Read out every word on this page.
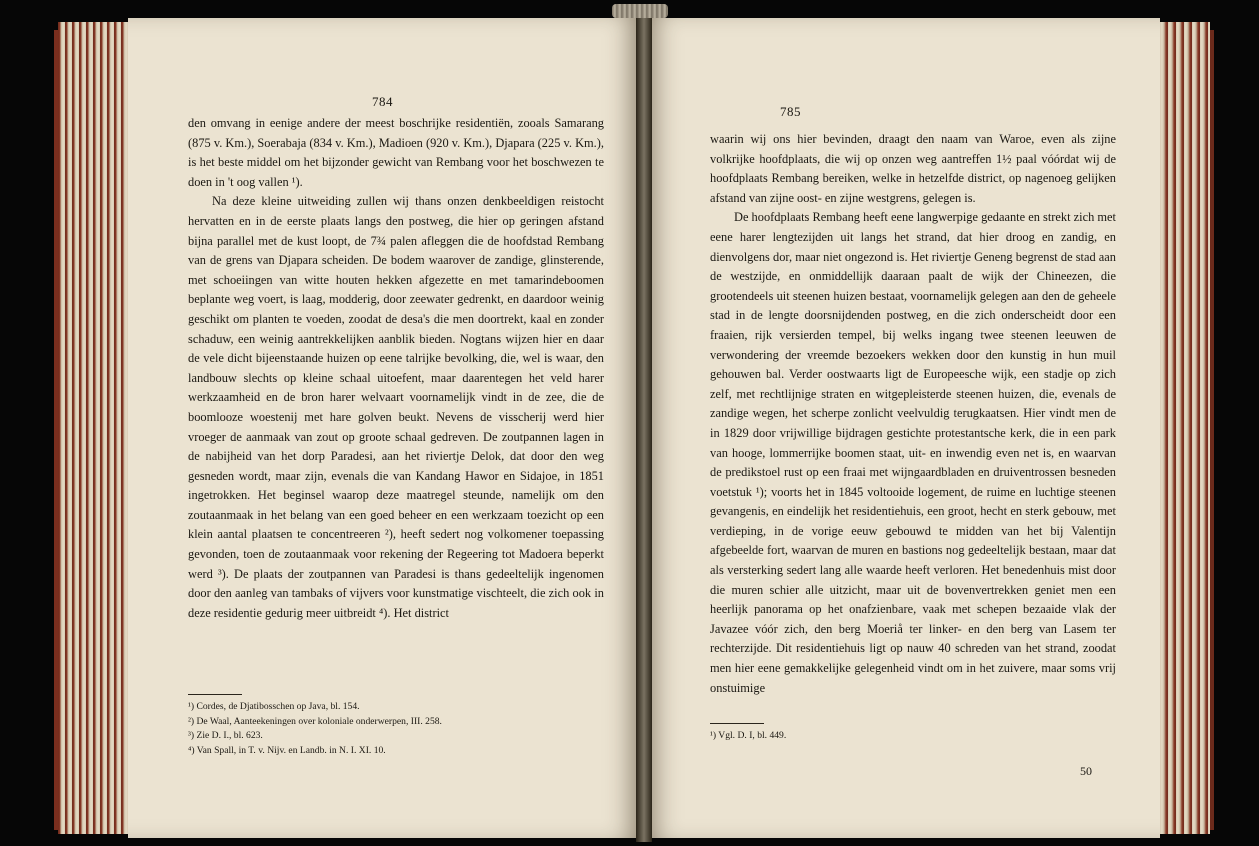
784

den omvang in eenige andere der meest boschrijke residentiën, zooals Samarang (875 v. Km.), Soerabaja (834 v. Km.), Madioen (920 v. Km.), Djapara (225 v. Km.), is het beste middel om het bijzonder gewicht van Rembang voor het boschwezen te doen in 't oog vallen ¹).

Na deze kleine uitweiding zullen wij thans onzen denkbeeldigen reistocht hervatten en in de eerste plaats langs den postweg, die hier op geringen afstand bijna parallel met de kust loopt, de 7¾ palen afleggen die de hoofdstad Rembang van de grens van Djapara scheiden. De bodem waarover de zandige, glinsterende, met schoeiingen van witte houten hekken afgezette en met tamarindeboomen beplante weg voert, is laag, modderig, door zeewater gedrenkt, en daardoor weinig geschikt om planten te voeden, zoodat de desa's die men doortrekt, kaal en zonder schaduw, een weinig aantrekkelijken aanblik bieden. Nogtans wijzen hier en daar de vele dicht bijeenstaande huizen op eene talrijke bevolking, die, wel is waar, den landbouw slechts op kleine schaal uitoefent, maar daarentegen het veld harer werkzaamheid en de bron harer welvaart voornamelijk vindt in de zee, die de boomlooze woestenij met hare golven beukt. Nevens de visscherij werd hier vroeger de aanmaak van zout op groote schaal gedreven. De zoutpannen lagen in de nabijheid van het dorp Paradesi, aan het riviertje Delok, dat door den weg gesneden wordt, maar zijn, evenals die van Kandang Hawor en Sidajoe, in 1851 ingetrokken. Het beginsel waarop deze maatregel steunde, namelijk om den zoutaanmaak in het belang van een goed beheer en een werkzaam toezicht op een klein aantal plaatsen te concentreeren ²), heeft sedert nog volkomener toepassing gevonden, toen de zoutaanmaak voor rekening der Regeering tot Madoera beperkt werd ³). De plaats der zoutpannen van Paradesi is thans gedeeltelijk ingenomen door den aanleg van tambaks of vijvers voor kunstmatige vischteelt, die zich ook in deze residentie gedurig meer uitbreidt ⁴). Het district

¹) Cordes, de Djatibosschen op Java, bl. 154.
²) De Waal, Aanteekeningen over koloniale onderwerpen, III. 258.
³) Zie D. I., bl. 623.
⁴) Van Spall, in T. v. Nijv. en Landb. in N. I. XI. 10.
785

waarin wij ons hier bevinden, draagt den naam van Waroe, even als zijne volkrijke hoofdplaats, die wij op onzen weg aantreffen 1½ paal vóórdat wij de hoofdplaats Rembang bereiken, welke in hetzelfde district, op nagenoeg gelijken afstand van zijne oost- en zijne westgrens, gelegen is.

De hoofdplaats Rembang heeft eene langwerpige gedaante en strekt zich met eene harer lengtezijden uit langs het strand, dat hier droog en zandig, en dienvolgens dor, maar niet ongezond is. Het riviertje Geneng begrenst de stad aan de westzijde, en onmiddellijk daaraan paalt de wijk der Chineezen, die grootendeels uit steenen huizen bestaat, voornamelijk gelegen aan den de geheele stad in de lengte doorsnijdenden postweg, en die zich onderscheidt door een fraaien, rijk versierden tempel, bij welks ingang twee steenen leeuwen de verwondering der vreemde bezoekers wekken door den kunstig in hun muil gehouwen bal. Verder oostwaarts ligt de Europeesche wijk, een stadje op zich zelf, met rechtlijnige straten en witgepleisterde steenen huizen, die, evenals de zandige wegen, het scherpe zonlicht veelvuldig terugkaatsen. Hier vindt men de in 1829 door vrijwillige bijdragen gestichte protestantsche kerk, die in een park van hooge, lommerrijke boomen staat, uit- en inwendig even net is, en waarvan de predikstoel rust op een fraai met wijngaardbladen en druiventrossen besneden voetstuk ¹); voorts het in 1845 voltooide logement, de ruime en luchtige steenen gevangenis, en eindelijk het residentiehuis, een groot, hecht en sterk gebouw, met verdieping, in de vorige eeuw gebouwd te midden van het bij Valentijn afgebeelde fort, waarvan de muren en bastions nog gedeeltelijk bestaan, maar dat als versterking sedert lang alle waarde heeft verloren. Het benedenhuis mist door die muren schier alle uitzicht, maar uit de bovenvertrekken geniet men een heerlijk panorama op het onafzienbare, vaak met schepen bezaaide vlak der Javazee vóór zich, den berg Moeriå ter linker- en den berg van Lasem ter rechterzijde. Dit residentiehuis ligt op nauw 40 schreden van het strand, zoodat men hier eene gemakkelijke gelegenheid vindt om in het zuivere, maar soms vrij onstuimige

¹) Vgl. D. I, bl. 449.
50
